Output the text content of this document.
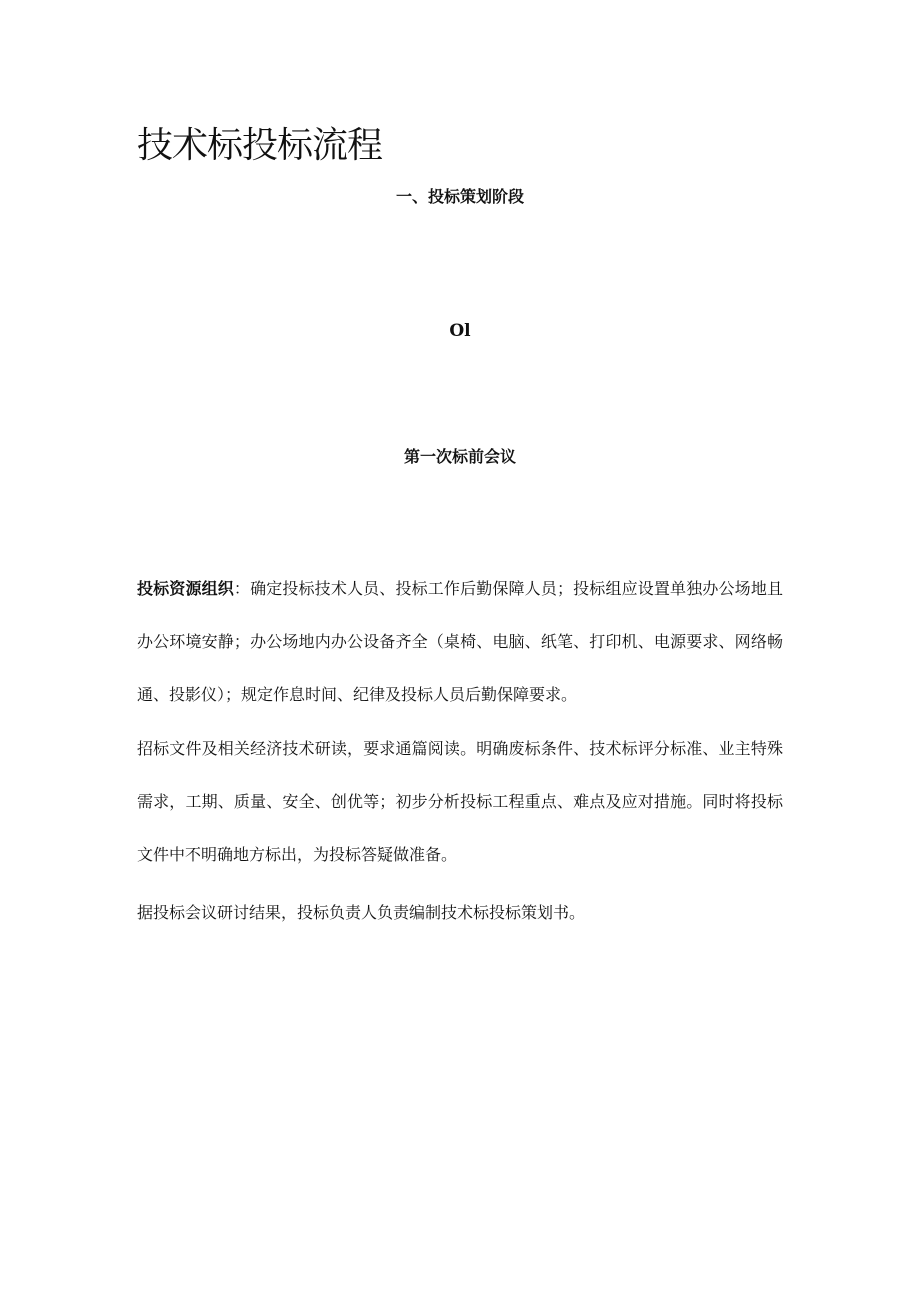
技术标投标流程
一、投标策划阶段
Ol
第一次标前会议

投标资源组织：确定投标技术人员、投标工作后勤保障人员；投标组应设置单独办公场地且办公环境安静；办公场地内办公设备齐全（桌椅、电脑、纸笔、打印机、电源要求、网络畅通、投影仪）；规定作息时间、纪律及投标人员后勤保障要求。

招标文件及相关经济技术研读，要求通篇阅读。明确废标条件、技术标评分标准、业主特殊需求，工期、质量、安全、创优等；初步分析投标工程重点、难点及应对措施。同时将投标文件中不明确地方标出，为投标答疑做准备。

据投标会议研讨结果，投标负责人负责编制技术标投标策划书。
